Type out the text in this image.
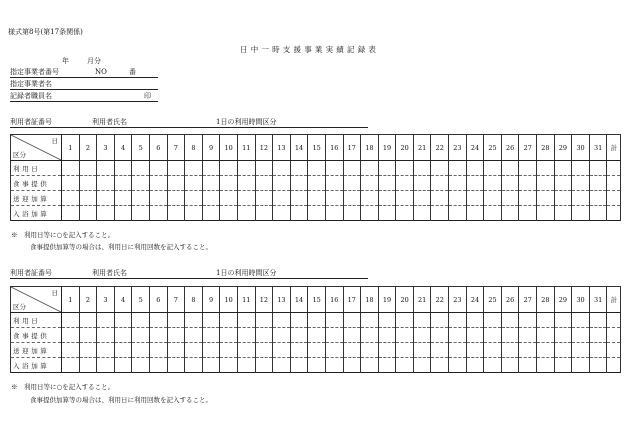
様式第8号(第17条関係)
日中一時支援事業実績記録表
年	月分
指定事業者番号	NO	番
指定事業者名
記録者職員名	印
利用者証番号	利用者氏名	1日の利用時間区分
日
区分	1	2	3	4	5	6	7	8	9	10	11	12	13	14	15	16	17	18	19	20	21	22	23	24	25	26	27	28	29	30	31	計
利用日																																
食事提供																																
送迎加算																																
入浴加算																																
※　利用日等に○を記入すること。
食事提供加算等の場合は、利用日に利用回数を記入すること。
利用者証番号	利用者氏名	1日の利用時間区分
日
区分	1	2	3	4	5	6	7	8	9	10	11	12	13	14	15	16	17	18	19	20	21	22	23	24	25	26	27	28	29	30	31	計
利用日																																
食事提供																																
送迎加算																																
入浴加算																																
※　利用日等に○を記入すること。
食事提供加算等の場合は、利用日に利用回数を記入すること。
